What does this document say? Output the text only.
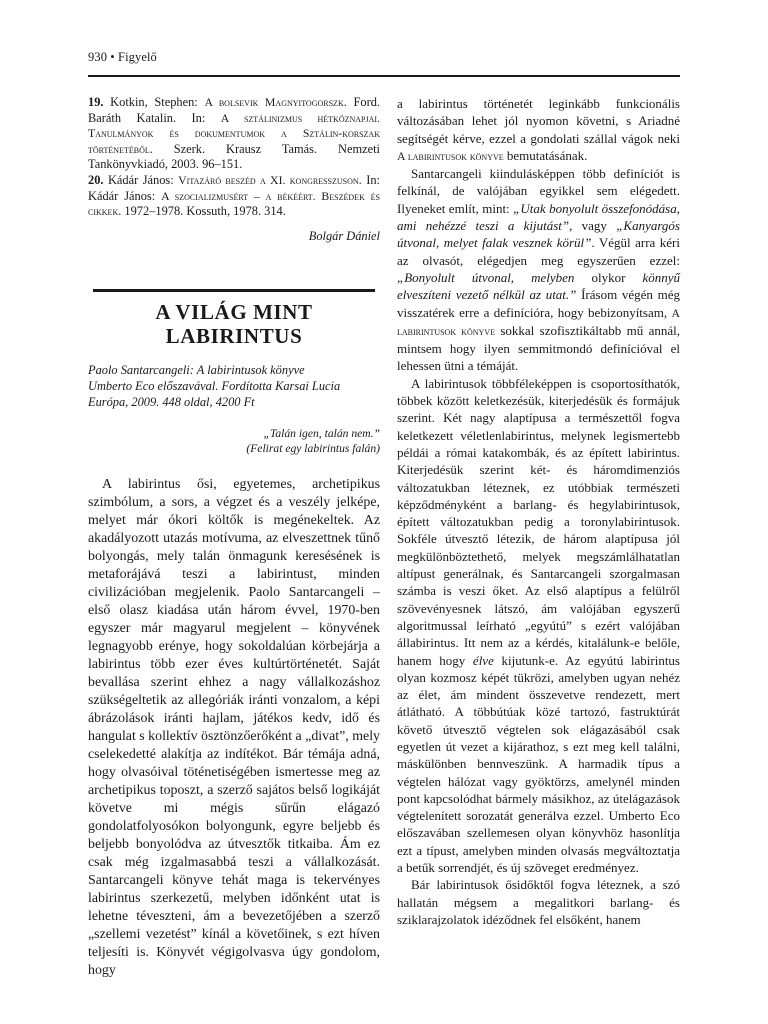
930 • Figyelő

19. Kotkin, Stephen: A bolsevik Magnyitogorszk. Ford. Baráth Katalin. In: A sztálinizmus hétköznapjai. Tanulmányok és dokumentumok a Sztálin-korszak történetéből. Szerk. Krausz Tamás. Nemzeti Tankönyvkiadó, 2003. 96–151.

20. Kádár János: Vitazáró beszéd a XI. kongresszuson. In: Kádár János: A szocializmusért – a békéért. Beszédek és cikkek. 1972–1978. Kossuth, 1978. 314.

Bolgár Dániel
A VILÁG MINT LABIRINTUS
Paolo Santarcangeli: A labirintusok könyve
Umberto Eco előszavával. Fordította Karsai Lucia
Európa, 2009. 448 oldal, 4200 Ft
„Talán igen, talán nem.”
(Felirat egy labirintus falán)

A labirintus ősi, egyetemes, archetipikus szimbólum, a sors, a végzet és a veszély jelképe, melyet már ókori költők is megénekeltek. Az akadályozott utazás motívuma, az elveszettnek tűnő bolyongás, mely talán önmagunk keresésének is metaforájává teszi a labirintust, minden civilizációban megjelenik. Paolo Santarcangeli – első olasz kiadása után három évvel, 1970-ben egyszer már magyarul megjelent – könyvének legnagyobb erénye, hogy sokoldalúan körbejárja a labirintus több ezer éves kultúrtörténetét. Saját bevallása szerint ehhez a nagy vállalkozáshoz szükségeltetik az allegóriák iránti vonzalom, a képi ábrázolások iránti hajlam, játékos kedv, idő és hangulat s kollektív ösztönzőerőként a „divat”, mely cselekedetté alakítja az indítékot. Bár témája adná, hogy olvasóival töténetiségében ismertesse meg az archetipikus toposzt, a szerző sajátos belső logikáját követve mi mégis sűrűn elágazó gondolatfolyosókon bolyongunk, egyre beljebb és beljebb bonyolódva az útvesztők titkaiba. Ám ez csak még izgalmasabbá teszi a vállalkozását. Santarcangeli könyve tehát maga is tekervényes labirintus szerkezetű, melyben időnként utat is lehetne téveszteni, ám a bevezetőjében a szerző „szellemi vezetést” kínál a követőinek, s ezt híven teljesíti is. Könyvét végigolvasva úgy gondolom, hogy

a labirintus történetét leginkább funkcionális változásában lehet jól nyomon követni, s Ariadné segítségét kérve, ezzel a gondolati szállal vágok neki A labirintusok könyve bemutatásának.

Santarcangeli kiindulásképpen több definíciót is felkínál, de valójában egyikkel sem elégedett. Ilyeneket említ, mint: „Utak bonyolult összefonódása, ami nehézzé teszi a kijutást”, vagy „Kanyargós útvonal, melyet falak vesznek körül”. Végül arra kéri az olvasót, elégedjen meg egyszerűen ezzel: „Bonyolult útvonal, melyben olykor könnyű elveszíteni vezető nélkül az utat.” Írásom végén még visszatérek erre a definícióra, hogy bebizonyítsam, A labirintusok könyve sokkal szofisztikáltabb mű annál, mintsem hogy ilyen semmitmondó definícióval el lehessen ütni a témáját.

A labirintusok többféleképpen is csoportosíthatók, többek között keletkezésük, kiterjedésük és formájuk szerint. Két nagy alaptípusa a természettől fogva keletkezett véletlenlabirintus, melynek legismertebb példái a római katakombák, és az épített labirintus. Kiterjedésük szerint két- és háromdimenziós változatukban léteznek, ez utóbbiak természeti képződményként a barlang- és hegylabirintusok, épített változatukban pedig a toronylabirintusok. Sokféle útvesztő létezik, de három alaptípusa jól megkülönböztethető, melyek megszámlálhatatlan altípust generálnak, és Santarcangeli szorgalmasan számba is veszi őket. Az első alaptípus a felülről szövevényesnek látszó, ám valójában egyszerű algoritmussal leírható „egyútú” s ezért valójában állabirintus. Itt nem az a kérdés, kitalálunk-e belőle, hanem hogy élve kijutunk-e. Az egyútú labirintus olyan kozmosz képét tükrözi, amelyben ugyan nehéz az élet, ám mindent összevetve rendezett, mert átlátható. A többútúak közé tartozó, fastruktúrát követő útvesztő végtelen sok elágazásából csak egyetlen út vezet a kijárathoz, s ezt meg kell találni, máskülönben bennveszünk. A harmadik típus a végtelen hálózat vagy gyöktörzs, amelynél minden pont kapcsolódhat bármely másikhoz, az útelágazások végtelenített sorozatát generálva ezzel. Umberto Eco előszavában szellemesen olyan könyvhöz hasonlítja ezt a típust, amelyben minden olvasás megváltoztatja a betűk sorrendjét, és új szöveget eredményez.

Bár labirintusok ősidőktől fogva léteznek, a szó hallatán mégsem a megalitkori barlang- és sziklarajzolatok idéződnek fel elsőként, hanem
